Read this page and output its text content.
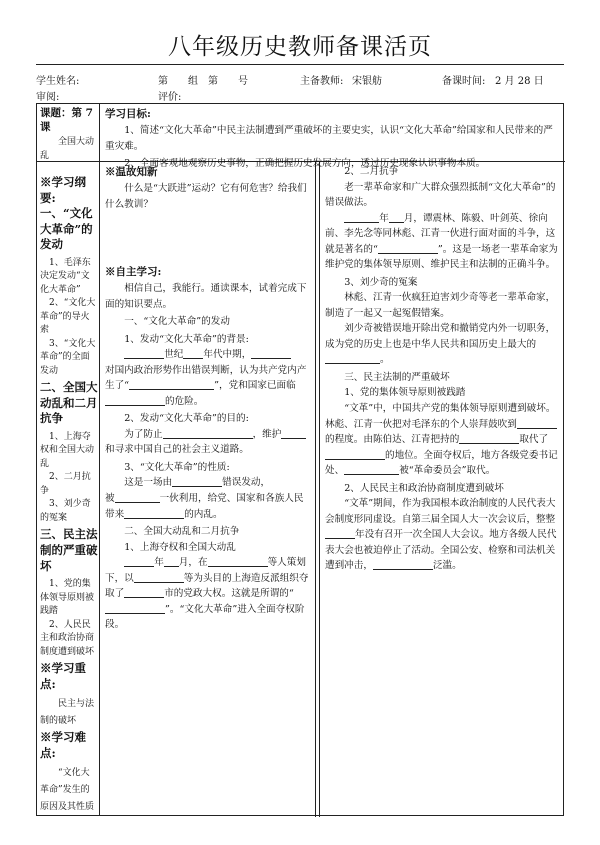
八年级历史教师备课活页
学生姓名:	第　　组　第　　号	主备教师: 宋银舫	备课时间: 2 月 28 日
审阅:	评价:

课题：第 7 课

全国大动乱

※学习纲要:

一、“文化大革命”的发动

1、毛泽东决定发动“文化大革命”

2、“文化大革命”的导火索

3、“文化大革命”的全面发动

二、全国大动乱和二月抗争

1、上海夺权和全国大动乱

2、二月抗争

3、刘少奇的冤案

三、民主法制的严重破坏

1、党的集体领导原则被践踏

2、人民民主和政治协商制度遭到破坏

※学习重点:

民主与法制的破坏

※学习难点:

“文化大革命”发生的原因及其性质

学习目标:
1、简述“文化大革命”中民主法制遭到严重破坏的主要史实，认识“文化大革命”给国家和人民带来的严重灾难。
2、全面客观地观察历史事物，正确把握历史发展方向，透过历史现象认识事物本质。

※温故知新

什么是“大跃进”运动？它有何危害？给我们什么教训？

※自主学习:

相信自己，我能行。通读课本，试着完成下面的知识要点。

一、“文化大革命”的发动

1、发动“文化大革命”的背景:

世纪 年代中期，

对国内政治形势作出错误判断，认为共产党内产生了“	”，党和国家已面临的危险。

2、发动“文化大革命”的目的:

为了防止	，维护

和寻求中国自己的社会主义道路。

3、“文化大革命”的性质:

这是一场由	错误发动，

被	一伙利用，给党、国家和各族人民带来	的内乱。

二、全国大动乱和二月抗争

1、上海夺权和全国大动乱

年 月，在	等人策划下，以	等为头目的上海造反派组织夺取了	市的党政大权。这就是所谓的“”。“文化大革命”进入全面夺权阶段。

2、二月抗争

老一辈革命家和广大群众强烈抵制“文化大革命”的错误做法。

年 月，谭震林、陈毅、叶剑英、徐向前、李先念等同林彪、江青一伙进行面对面的斗争，这就是著名的“	”。这是一场老一辈革命家为维护党的集体领导原则、维护民主和法制的正确斗争。

3、刘少奇的冤案

林彪、江青一伙疯狂迫害刘少奇等老一辈革命家，制造了一起又一起冤假错案。

刘少奇被错误地开除出党和撤销党内外一切职务，成为党的历史上也是中华人民共和国历史上最大的。

三、民主法制的严重破坏

1、党的集体领导原则被践踏

“文革”中，中国共产党的集体领导原则遭到破坏。林彪、江青一伙把对毛泽东的个人崇拜鼓吹到的程度。由陈伯达、江青把持的	取代了的地位。全面夺权后，地方各级党委书记处、	被“革命委员会”取代。

2、人民民主和政治协商制度遭到破坏

“文革”期间，作为我国根本政治制度的人民代表大会制度形同虚设。自第三届全国人大一次会议后，整整年没有召开一次全国人大会议。地方各级人民代表大会也被迫停止了活动。全国公安、检察和司法机关遭到冲击，	泛滥。
